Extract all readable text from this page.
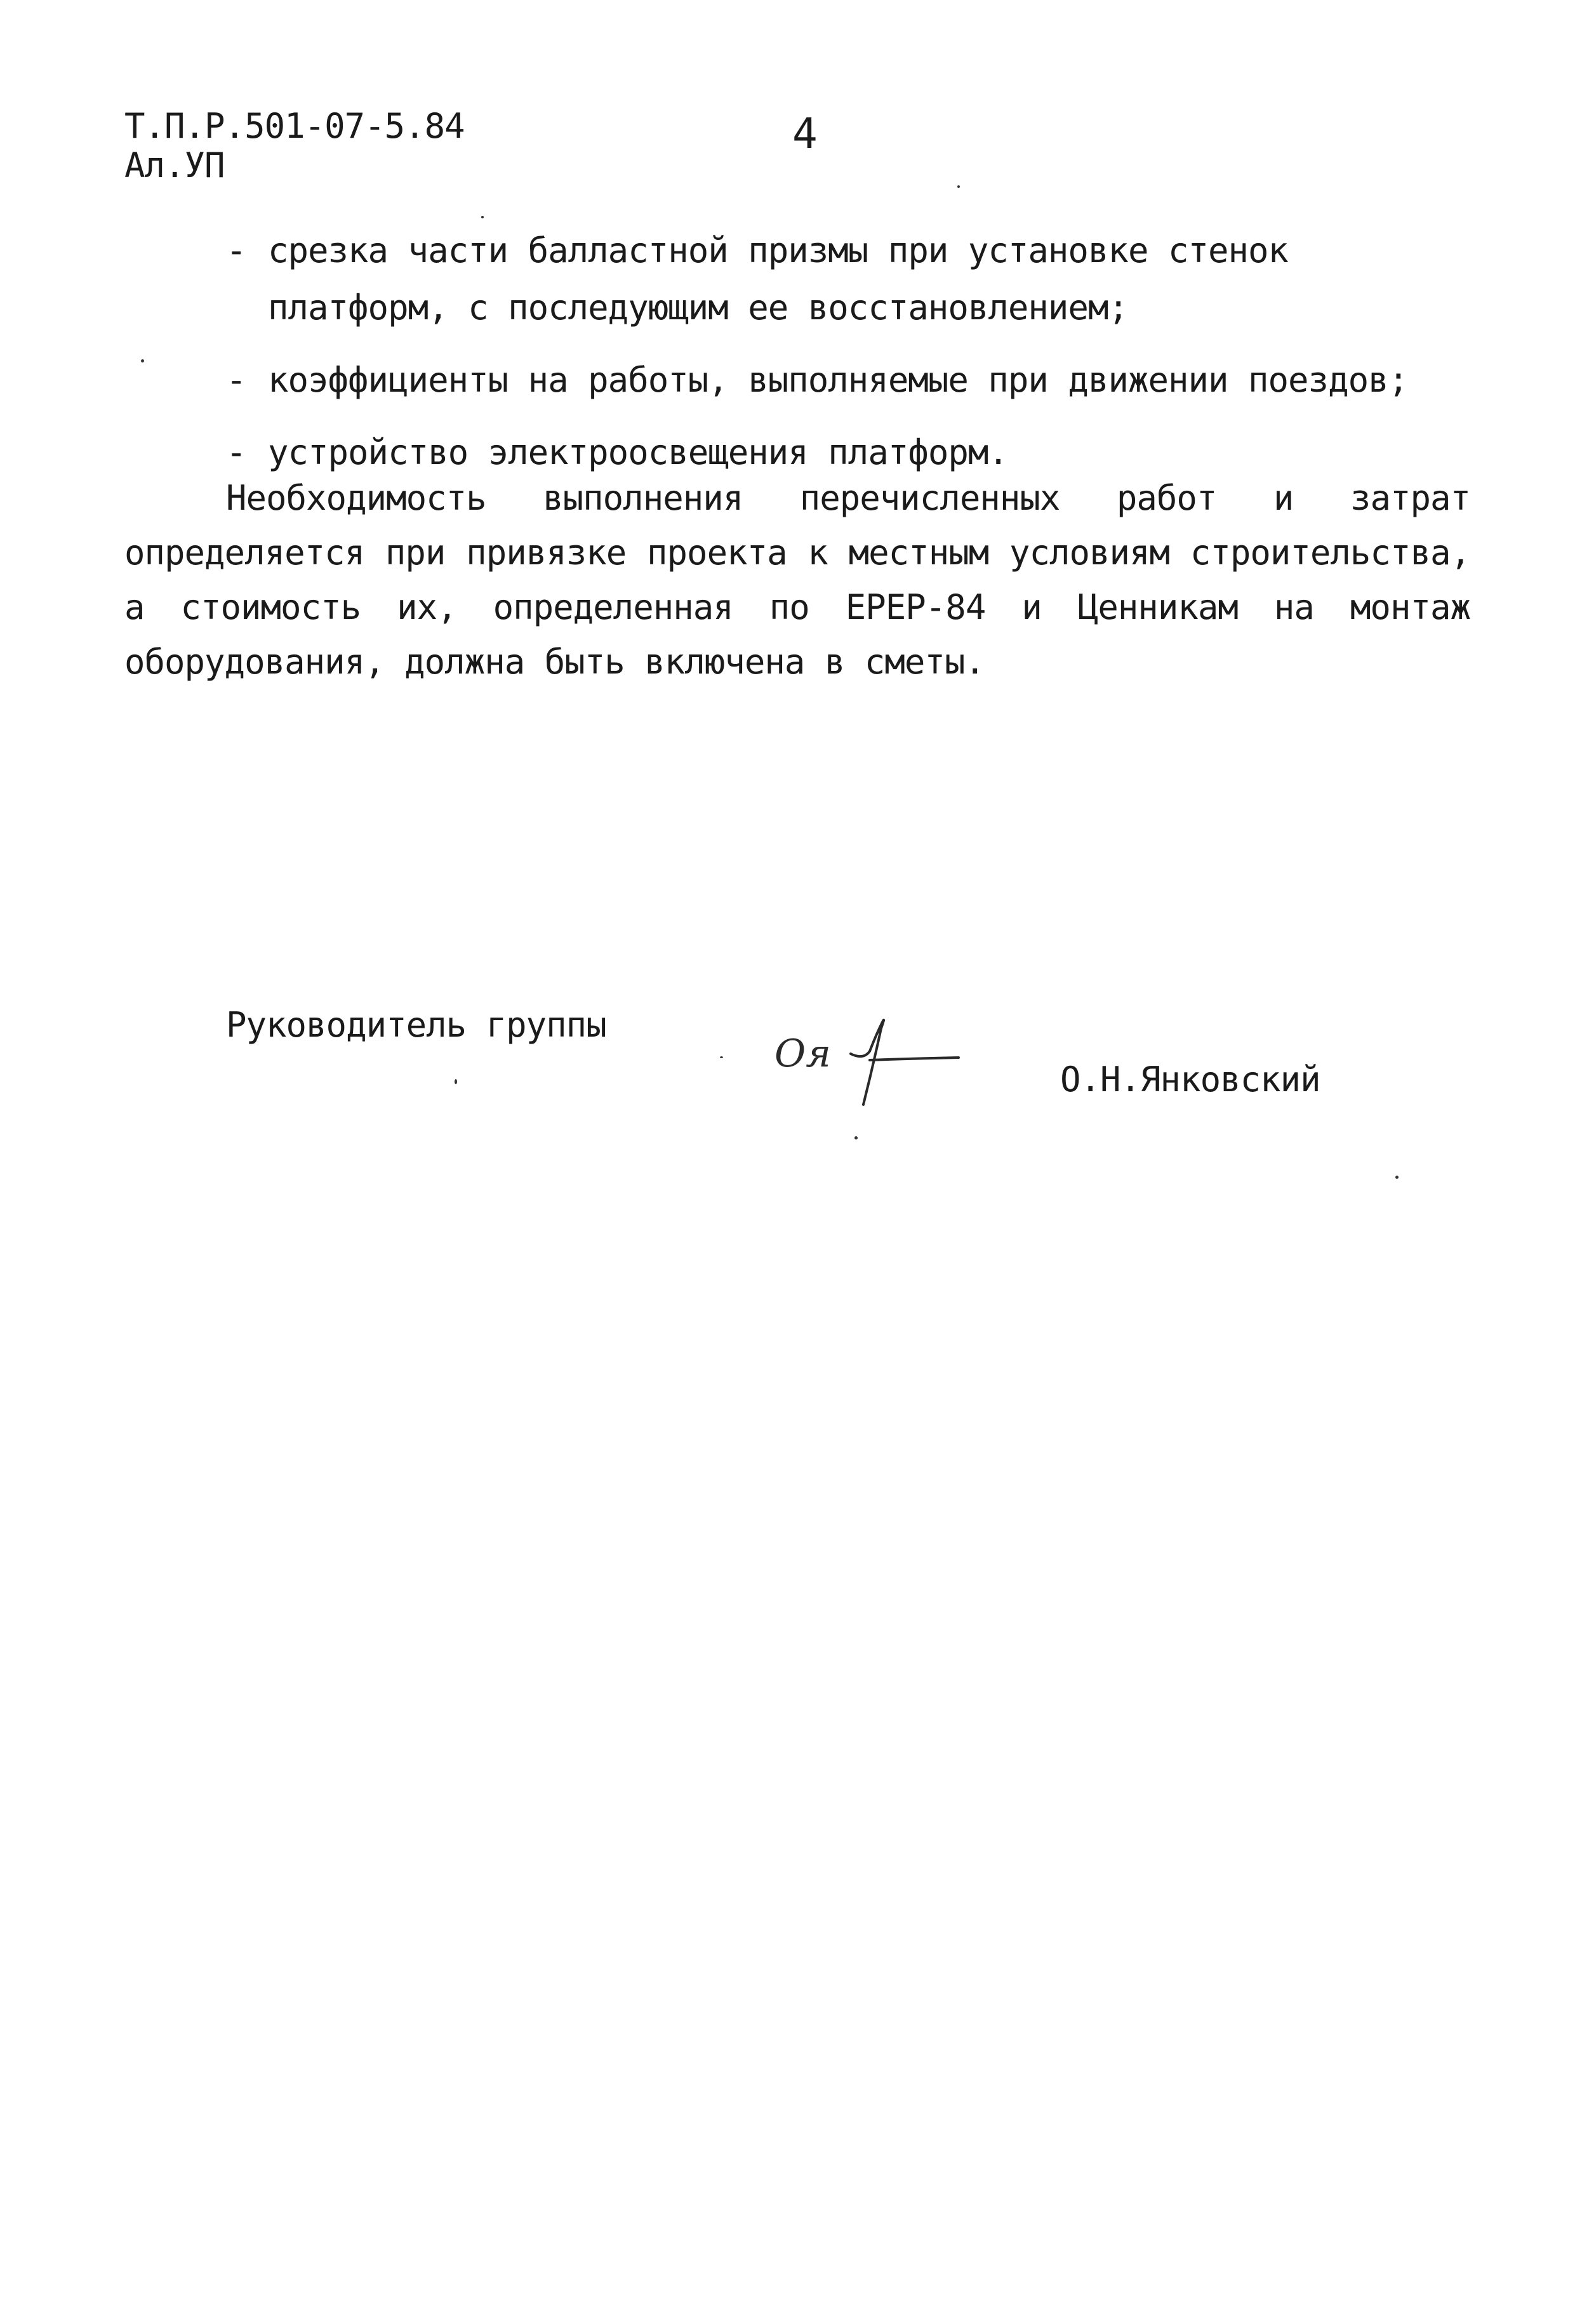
Т.П.Р.501-07-5.84
Ал.УП
4
- срезка части балластной призмы при установке стенок платформ, с последующим ее восстановлением;
- коэффициенты на работы, выполняемые при движении поездов;
- устройство электроосвещения платформ.
Необходимость выполнения перечисленных работ и затрат определяется при привязке проекта к местным условиям строительства, а стоимость их, определенная по ЕРЕР-84 и Ценникам на монтаж оборудования, должна быть включена в сметы.
Руководитель группы
Оя
О.Н.Янковский
